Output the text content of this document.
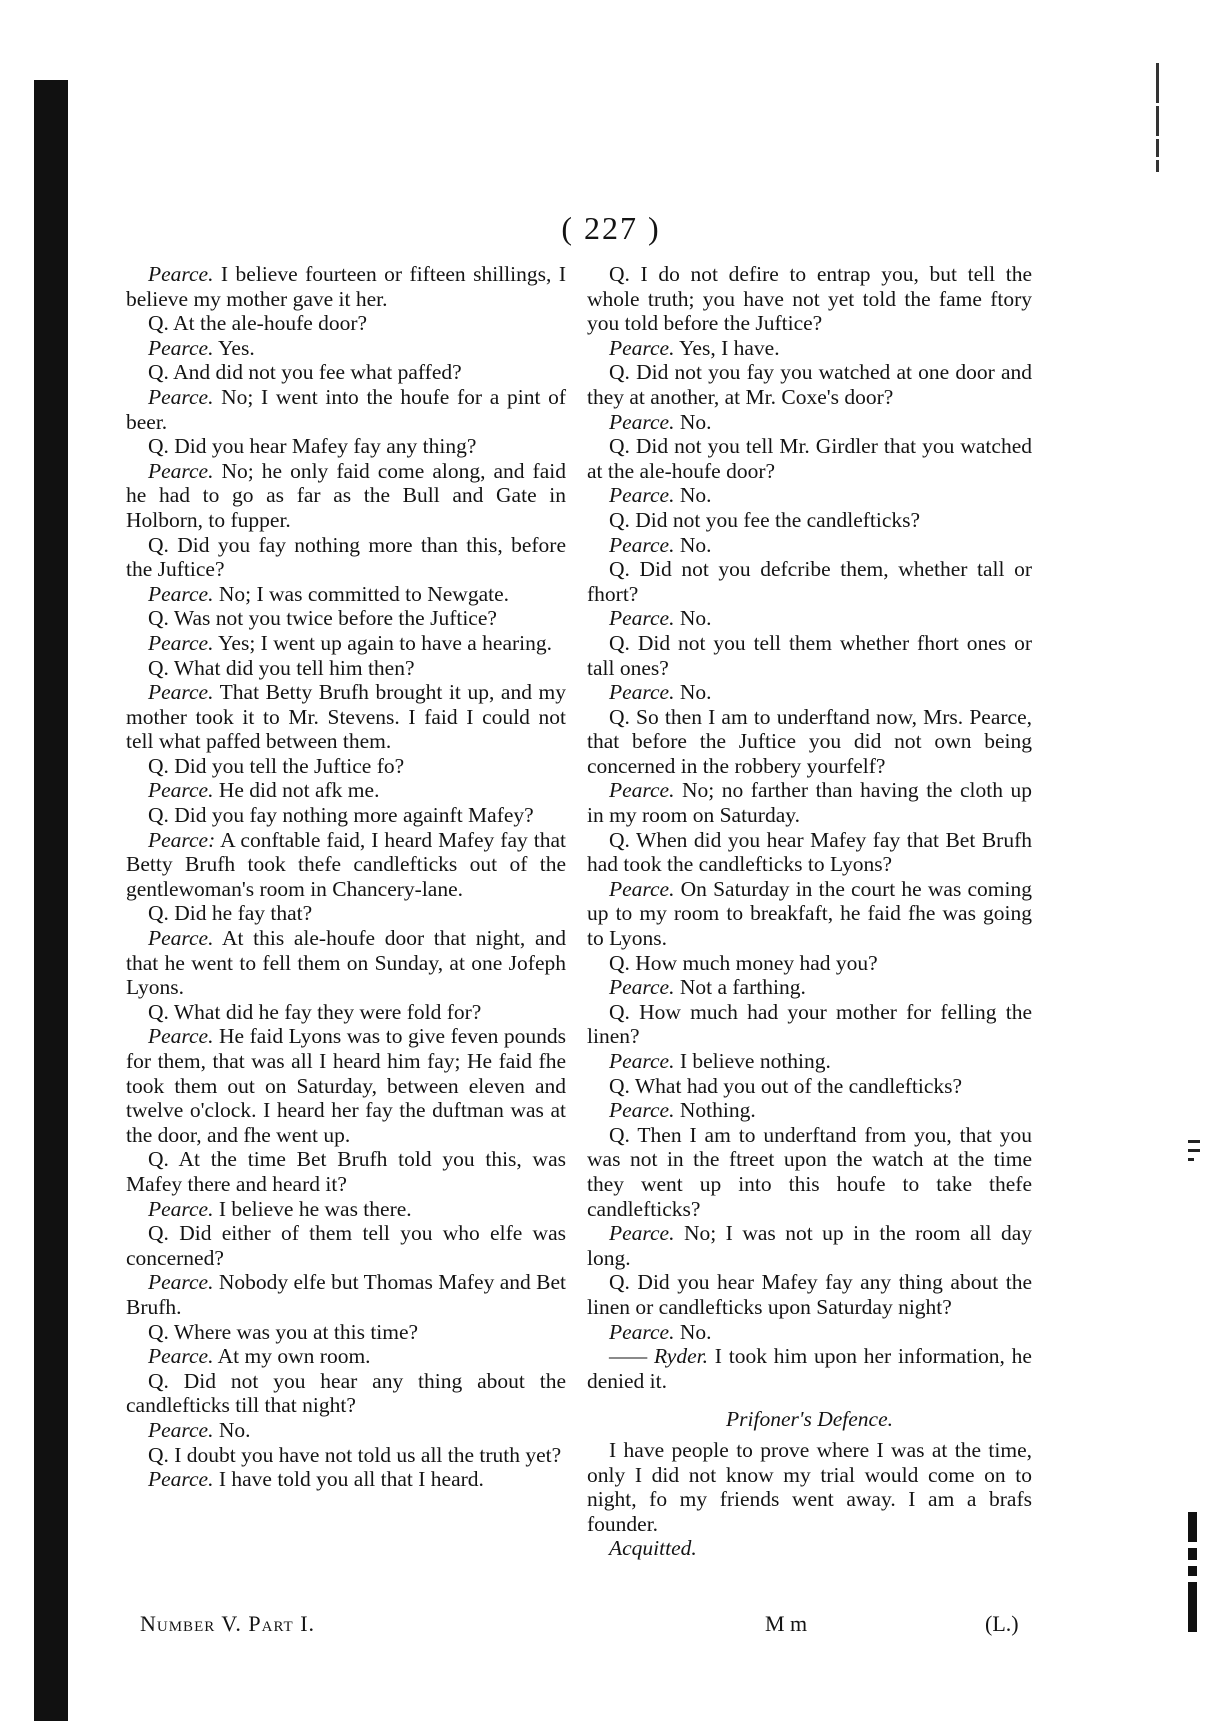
( 227 )

Pearce. I believe fourteen or fifteen shillings, I believe my mother gave it her.

Q. At the ale-houfe door?

Pearce. Yes.

Q. And did not you fee what paffed?

Pearce. No; I went into the houfe for a pint of beer.

Q. Did you hear Mafey fay any thing?

Pearce. No; he only faid come along, and faid he had to go as far as the Bull and Gate in Holborn, to fupper.

Q. Did you fay nothing more than this, before the Juftice?

Pearce. No; I was committed to Newgate.

Q. Was not you twice before the Juftice?

Pearce. Yes; I went up again to have a hearing.

Q. What did you tell him then?

Pearce. That Betty Brufh brought it up, and my mother took it to Mr. Stevens. I faid I could not tell what paffed between them.

Q. Did you tell the Juftice fo?

Pearce. He did not afk me.

Q. Did you fay nothing more againft Mafey?

Pearce: A conftable faid, I heard Mafey fay that Betty Brufh took thefe candlefticks out of the gentlewoman's room in Chancery-lane.

Q. Did he fay that?

Pearce. At this ale-houfe door that night, and that he went to fell them on Sunday, at one Jofeph Lyons.

Q. What did he fay they were fold for?

Pearce. He faid Lyons was to give feven pounds for them, that was all I heard him fay; He faid fhe took them out on Saturday, between eleven and twelve o'clock. I heard her fay the duftman was at the door, and fhe went up.

Q. At the time Bet Brufh told you this, was Mafey there and heard it?

Pearce. I believe he was there.

Q. Did either of them tell you who elfe was concerned?

Pearce. Nobody elfe but Thomas Mafey and Bet Brufh.

Q. Where was you at this time?

Pearce. At my own room.

Q. Did not you hear any thing about the candlefticks till that night?

Pearce. No.

Q. I doubt you have not told us all the truth yet?

Pearce. I have told you all that I heard.

Q. I do not defire to entrap you, but tell the whole truth; you have not yet told the fame ftory you told before the Juftice?

Pearce. Yes, I have.

Q. Did not you fay you watched at one door and they at another, at Mr. Coxe's door?

Pearce. No.

Q. Did not you tell Mr. Girdler that you watched at the ale-houfe door?

Pearce. No.

Q. Did not you fee the candlefticks?

Pearce. No.

Q. Did not you defcribe them, whether tall or fhort?

Pearce. No.

Q. Did not you tell them whether fhort ones or tall ones?

Pearce. No.

Q. So then I am to underftand now, Mrs. Pearce, that before the Juftice you did not own being concerned in the robbery yourfelf?

Pearce. No; no farther than having the cloth up in my room on Saturday.

Q. When did you hear Mafey fay that Bet Brufh had took the candlefticks to Lyons?

Pearce. On Saturday in the court he was coming up to my room to breakfaft, he faid fhe was going to Lyons.

Q. How much money had you?

Pearce. Not a farthing.

Q. How much had your mother for felling the linen?

Pearce. I believe nothing.

Q. What had you out of the candlefticks?

Pearce. Nothing.

Q. Then I am to underftand from you, that you was not in the ftreet upon the watch at the time they went up into this houfe to take thefe candlefticks?

Pearce. No; I was not up in the room all day long.

Q. Did you hear Mafey fay any thing about the linen or candlefticks upon Saturday night?

Pearce. No.

—— Ryder. I took him upon her information, he denied it.

Prifoner's Defence.

I have people to prove where I was at the time, only I did not know my trial would come on to night, fo my friends went away. I am a brafs founder.

Acquitted.

Number V. Part I.	M m	(L.)
